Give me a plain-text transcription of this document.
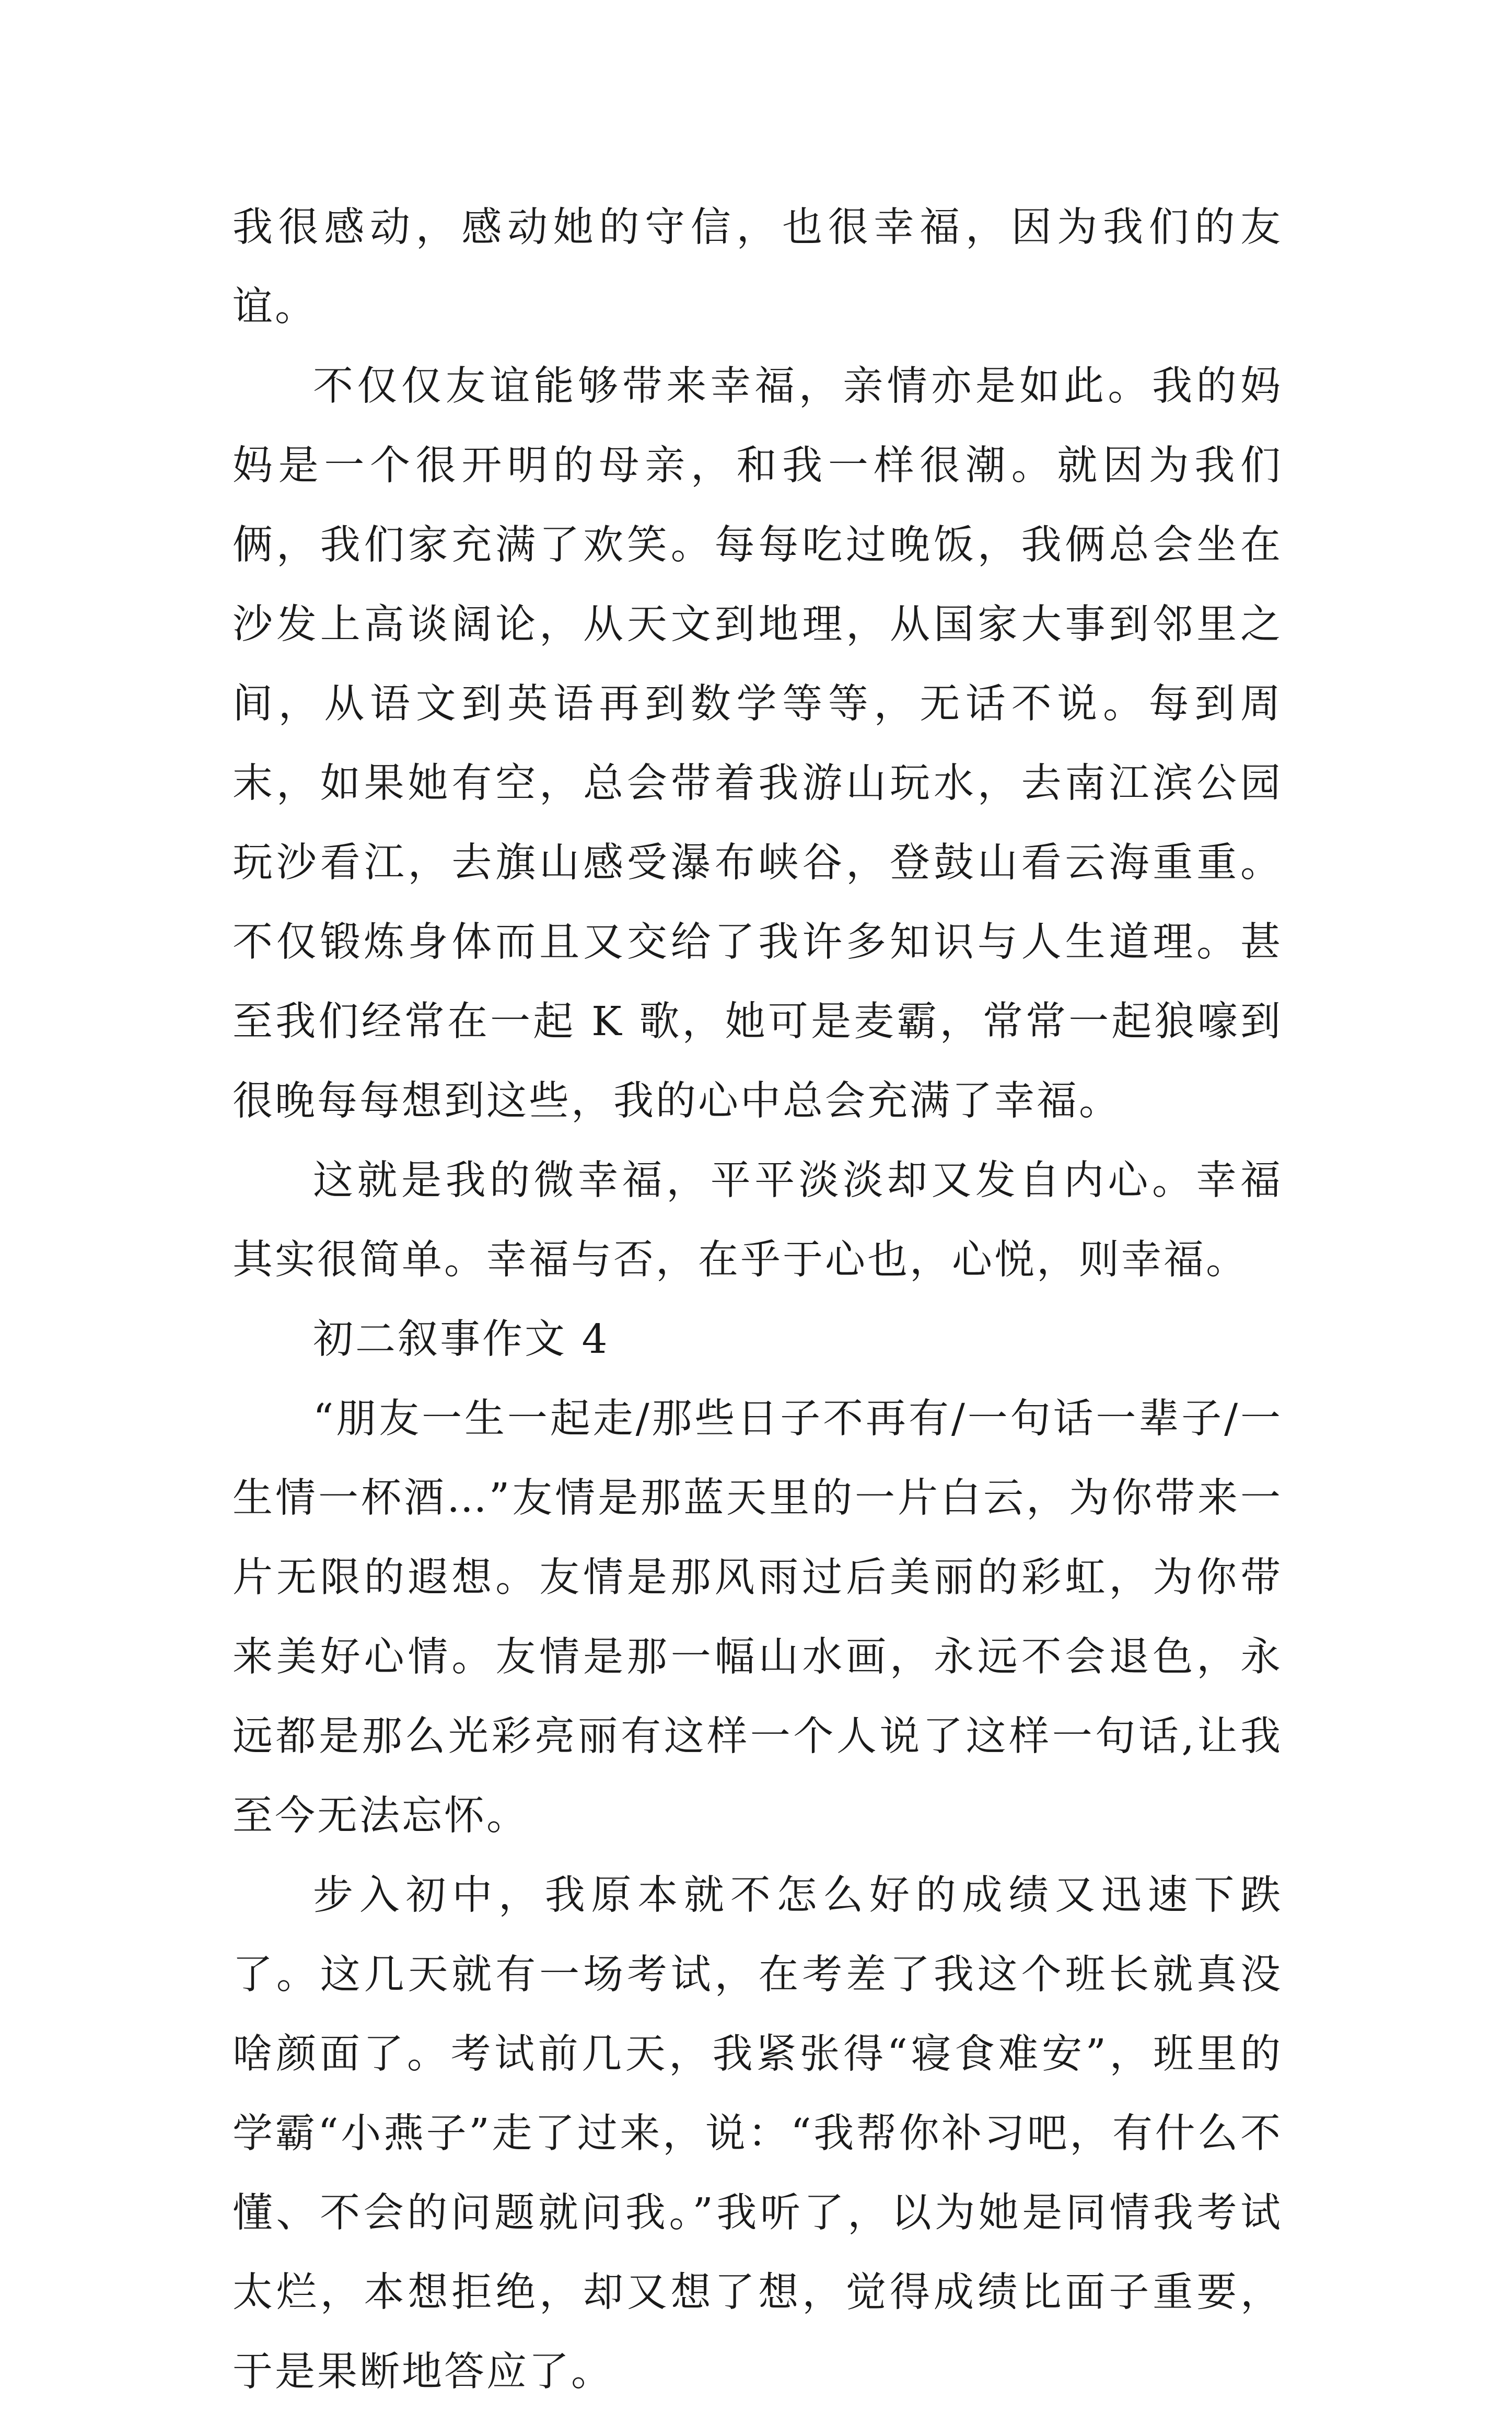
我很感动，感动她的守信，也很幸福，因为我们的友谊。

不仅仅友谊能够带来幸福，亲情亦是如此。我的妈妈是一个很开明的母亲，和我一样很潮。就因为我们俩，我们家充满了欢笑。每每吃过晚饭，我俩总会坐在沙发上高谈阔论，从天文到地理，从国家大事到邻里之间，从语文到英语再到数学等等，无话不说。每到周末，如果她有空，总会带着我游山玩水，去南江滨公园玩沙看江，去旗山感受瀑布峡谷，登鼓山看云海重重。不仅锻炼身体而且又交给了我许多知识与人生道理。甚至我们经常在一起 K 歌，她可是麦霸，常常一起狼嚎到很晚每每想到这些，我的心中总会充满了幸福。

这就是我的微幸福，平平淡淡却又发自内心。幸福其实很简单。幸福与否，在乎于心也，心悦，则幸福。

初二叙事作文 4

“朋友一生一起走/那些日子不再有/一句话一辈子/一生情一杯酒…”友情是那蓝天里的一片白云，为你带来一片无限的遐想。友情是那风雨过后美丽的彩虹，为你带来美好心情。友情是那一幅山水画，永远不会退色，永远都是那么光彩亮丽有这样一个人说了这样一句话,让我至今无法忘怀。

步入初中，我原本就不怎么好的成绩又迅速下跌了。这几天就有一场考试，在考差了我这个班长就真没啥颜面了。考试前几天，我紧张得“寝食难安”，班里的学霸“小燕子”走了过来，说：“我帮你补习吧，有什么不懂、不会的问题就问我。”我听了，以为她是同情我考试太烂，本想拒绝，却又想了想，觉得成绩比面子重要，于是果断地答应了。
